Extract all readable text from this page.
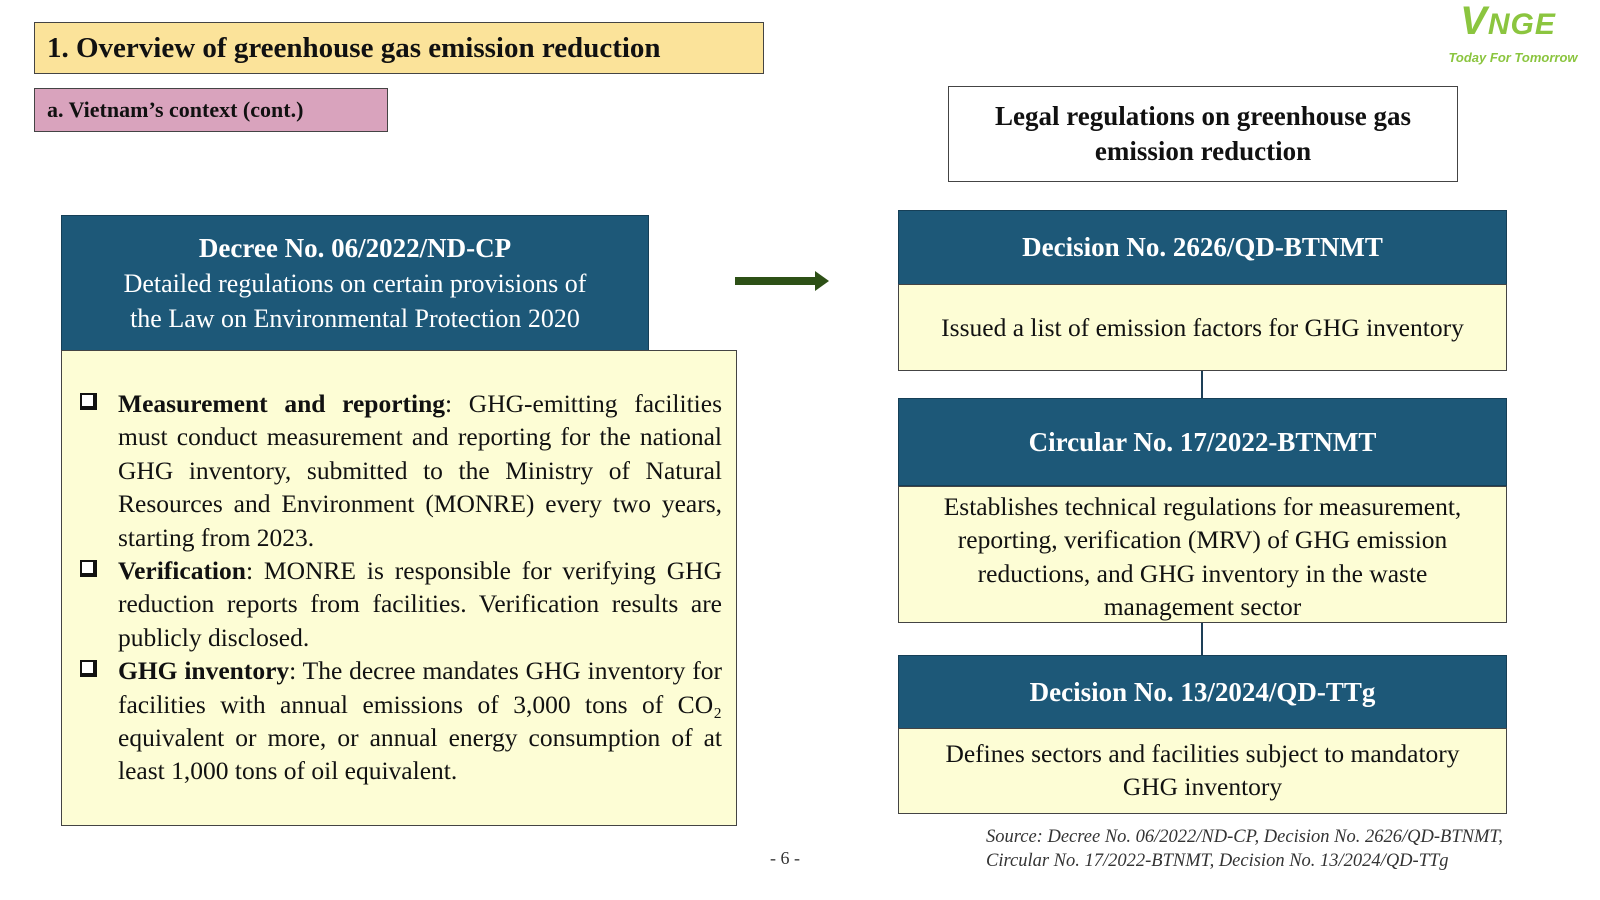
1. Overview of greenhouse gas emission reduction
a. Vietnam’s context (cont.)
VNGE
Today For Tomorrow
Decree No. 06/2022/ND-CP
Detailed regulations on certain provisions of
the Law on Environmental Protection 2020
Measurement and reporting: GHG-emitting facilities must conduct measurement and reporting for the national GHG inventory, submitted to the Ministry of Natural Resources and Environment (MONRE) every two years, starting from 2023.
Verification: MONRE is responsible for verifying GHG reduction reports from facilities. Verification results are publicly disclosed.
GHG inventory: The decree mandates GHG inventory for facilities with annual emissions of 3,000 tons of CO₂ equivalent or more, or annual energy consumption of at least 1,000 tons of oil equivalent.
Legal regulations on greenhouse gas
emission reduction
Decision No. 2626/QD-BTNMT
Issued a list of emission factors for GHG inventory
Circular No. 17/2022-BTNMT
Establishes technical regulations for measurement, reporting, verification (MRV) of GHG emission reductions, and GHG inventory in the waste management sector
Decision No. 13/2024/QD-TTg
Defines sectors and facilities subject to mandatory GHG inventory
Source: Decree No. 06/2022/ND-CP, Decision No. 2626/QD-BTNMT,
Circular No. 17/2022-BTNMT, Decision No. 13/2024/QD-TTg
- 6 -
